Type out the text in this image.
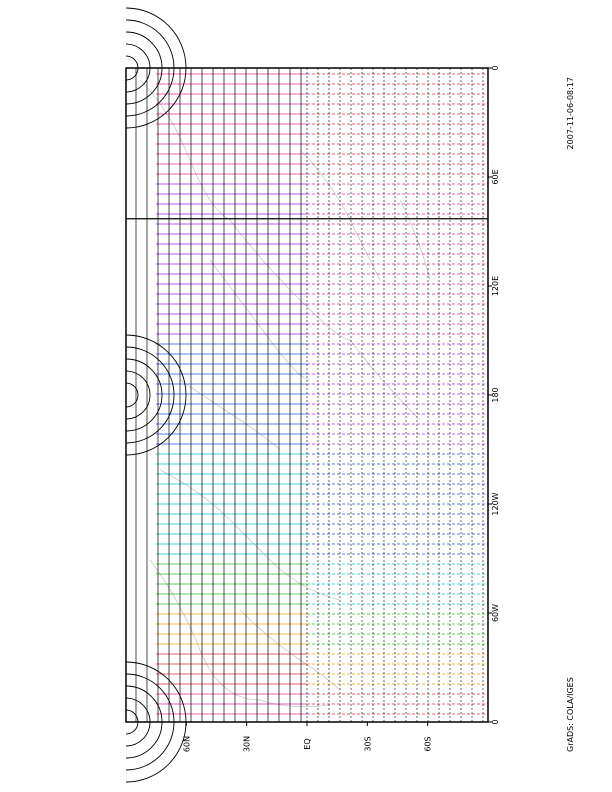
2007-11-06-08:17
GrADS: COLA/IGES
0
60E
120E
180
120W
60W
0
60N	30N	EQ	30S	60S
